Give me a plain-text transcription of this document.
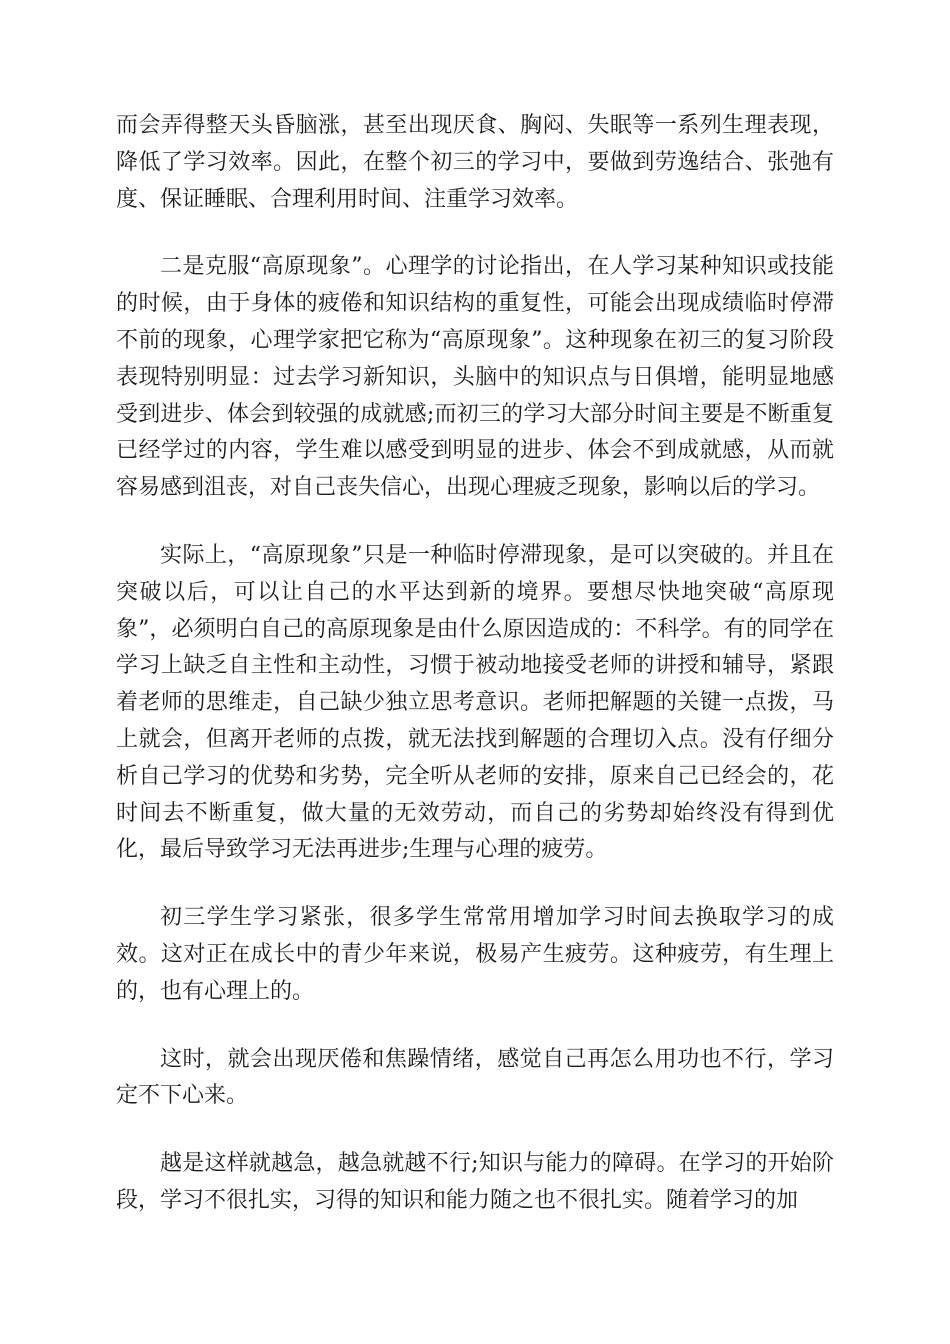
而会弄得整天头昏脑涨，甚至出现厌食、胸闷、失眠等一系列生理表现，降低了学习效率。因此，在整个初三的学习中，要做到劳逸结合、张弛有度、保证睡眠、合理利用时间、注重学习效率。

二是克服“高原现象”。心理学的讨论指出，在人学习某种知识或技能的时候，由于身体的疲倦和知识结构的重复性，可能会出现成绩临时停滞不前的现象，心理学家把它称为“高原现象”。这种现象在初三的复习阶段表现特别明显：过去学习新知识，头脑中的知识点与日俱增，能明显地感受到进步、体会到较强的成就感;而初三的学习大部分时间主要是不断重复已经学过的内容，学生难以感受到明显的进步、体会不到成就感，从而就容易感到沮丧，对自己丧失信心，出现心理疲乏现象，影响以后的学习。

实际上，“高原现象”只是一种临时停滞现象，是可以突破的。并且在突破以后，可以让自己的水平达到新的境界。要想尽快地突破“高原现象”，必须明白自己的高原现象是由什么原因造成的：不科学。有的同学在学习上缺乏自主性和主动性，习惯于被动地接受老师的讲授和辅导，紧跟着老师的思维走，自己缺少独立思考意识。老师把解题的关键一点拨，马上就会，但离开老师的点拨，就无法找到解题的合理切入点。没有仔细分析自己学习的优势和劣势，完全听从老师的安排，原来自己已经会的，花时间去不断重复，做大量的无效劳动，而自己的劣势却始终没有得到优化，最后导致学习无法再进步;生理与心理的疲劳。

初三学生学习紧张，很多学生常常用增加学习时间去换取学习的成效。这对正在成长中的青少年来说，极易产生疲劳。这种疲劳，有生理上的，也有心理上的。

这时，就会出现厌倦和焦躁情绪，感觉自己再怎么用功也不行，学习定不下心来。

越是这样就越急，越急就越不行;知识与能力的障碍。在学习的开始阶段，学习不很扎实，习得的知识和能力随之也不很扎实。随着学习的加
